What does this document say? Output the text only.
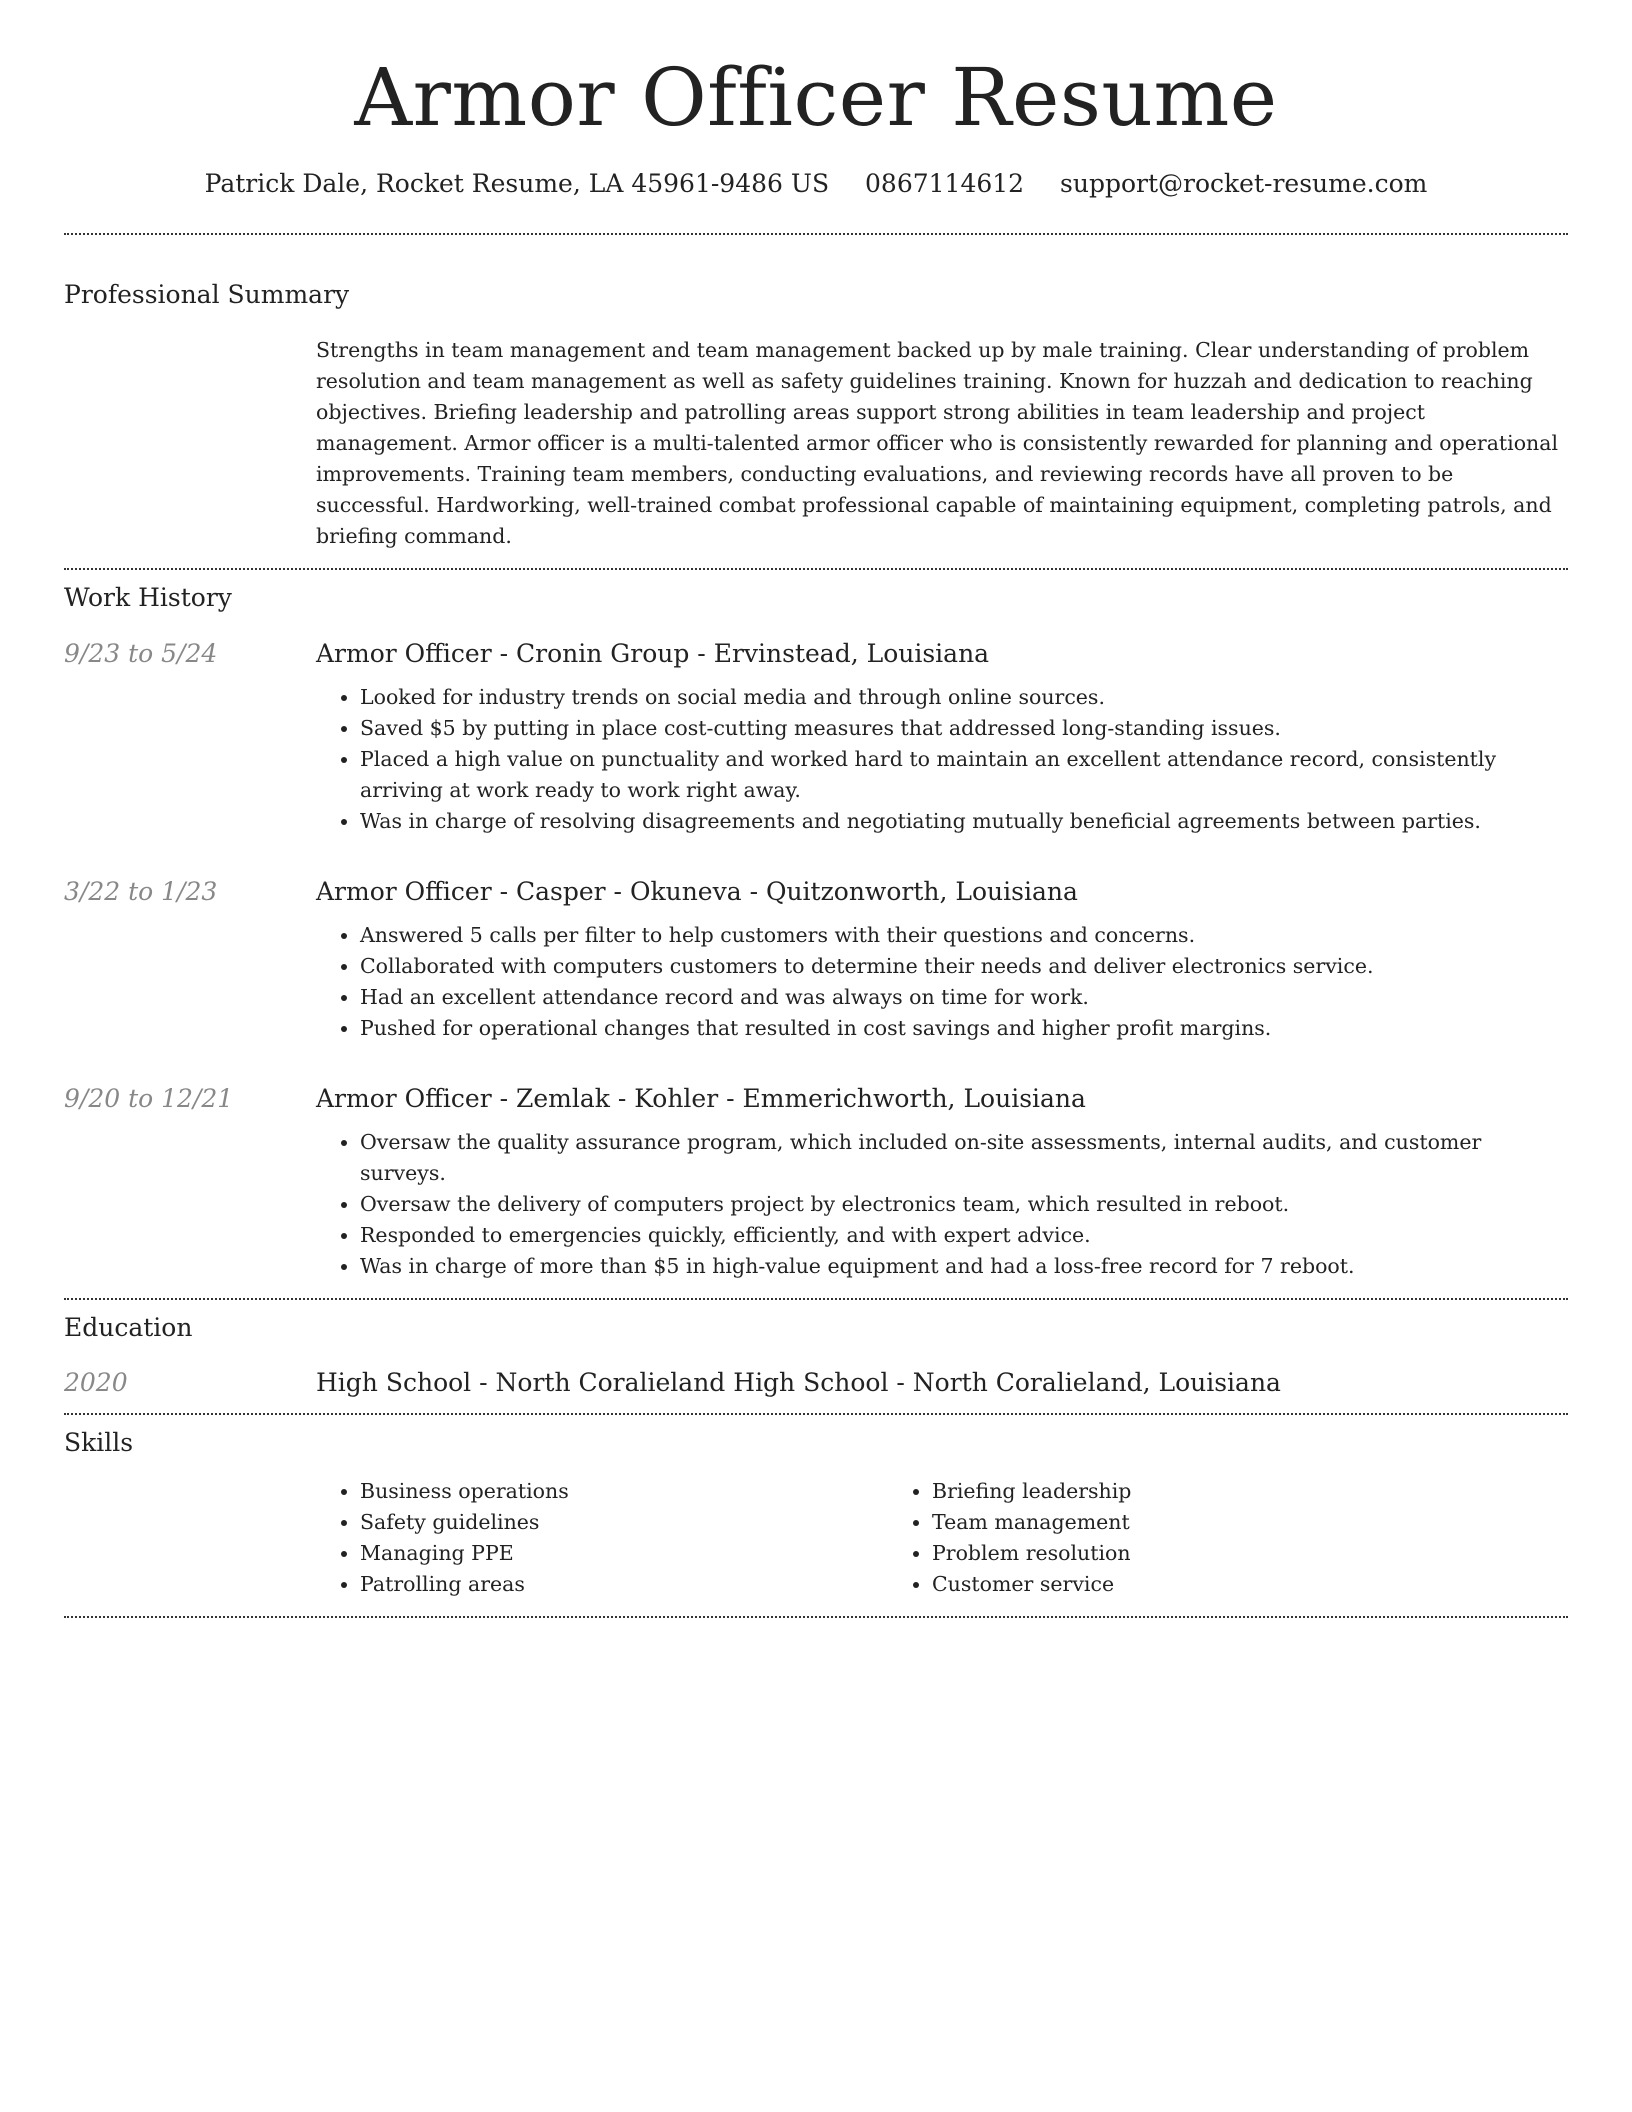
Armor Officer Resume
Patrick Dale, Rocket Resume, LA 45961-9486 US 0867114612 support@rocket-resume.com
Professional Summary
Strengths in team management and team management backed up by male training. Clear understanding of problem resolution and team management as well as safety guidelines training. Known for huzzah and dedication to reaching objectives. Briefing leadership and patrolling areas support strong abilities in team leadership and project management. Armor officer is a multi-talented armor officer who is consistently rewarded for planning and operational improvements. Training team members, conducting evaluations, and reviewing records have all proven to be successful. Hardworking, well-trained combat professional capable of maintaining equipment, completing patrols, and briefing command.
Work History
9/23 to 5/24	Armor Officer - Cronin Group - Ervinstead, Louisiana
• Looked for industry trends on social media and through online sources.
• Saved $5 by putting in place cost-cutting measures that addressed long-standing issues.
• Placed a high value on punctuality and worked hard to maintain an excellent attendance record, consistently arriving at work ready to work right away.
• Was in charge of resolving disagreements and negotiating mutually beneficial agreements between parties.
3/22 to 1/23	Armor Officer - Casper - Okuneva - Quitzonworth, Louisiana
• Answered 5 calls per filter to help customers with their questions and concerns.
• Collaborated with computers customers to determine their needs and deliver electronics service.
• Had an excellent attendance record and was always on time for work.
• Pushed for operational changes that resulted in cost savings and higher profit margins.
9/20 to 12/21	Armor Officer - Zemlak - Kohler - Emmerichworth, Louisiana
• Oversaw the quality assurance program, which included on-site assessments, internal audits, and customer surveys.
• Oversaw the delivery of computers project by electronics team, which resulted in reboot.
• Responded to emergencies quickly, efficiently, and with expert advice.
• Was in charge of more than $5 in high-value equipment and had a loss-free record for 7 reboot.
Education
2020	High School - North Coralieland High School - North Coralieland, Louisiana
Skills
• Business operations
• Safety guidelines
• Managing PPE
• Patrolling areas
• Briefing leadership
• Team management
• Problem resolution
• Customer service
